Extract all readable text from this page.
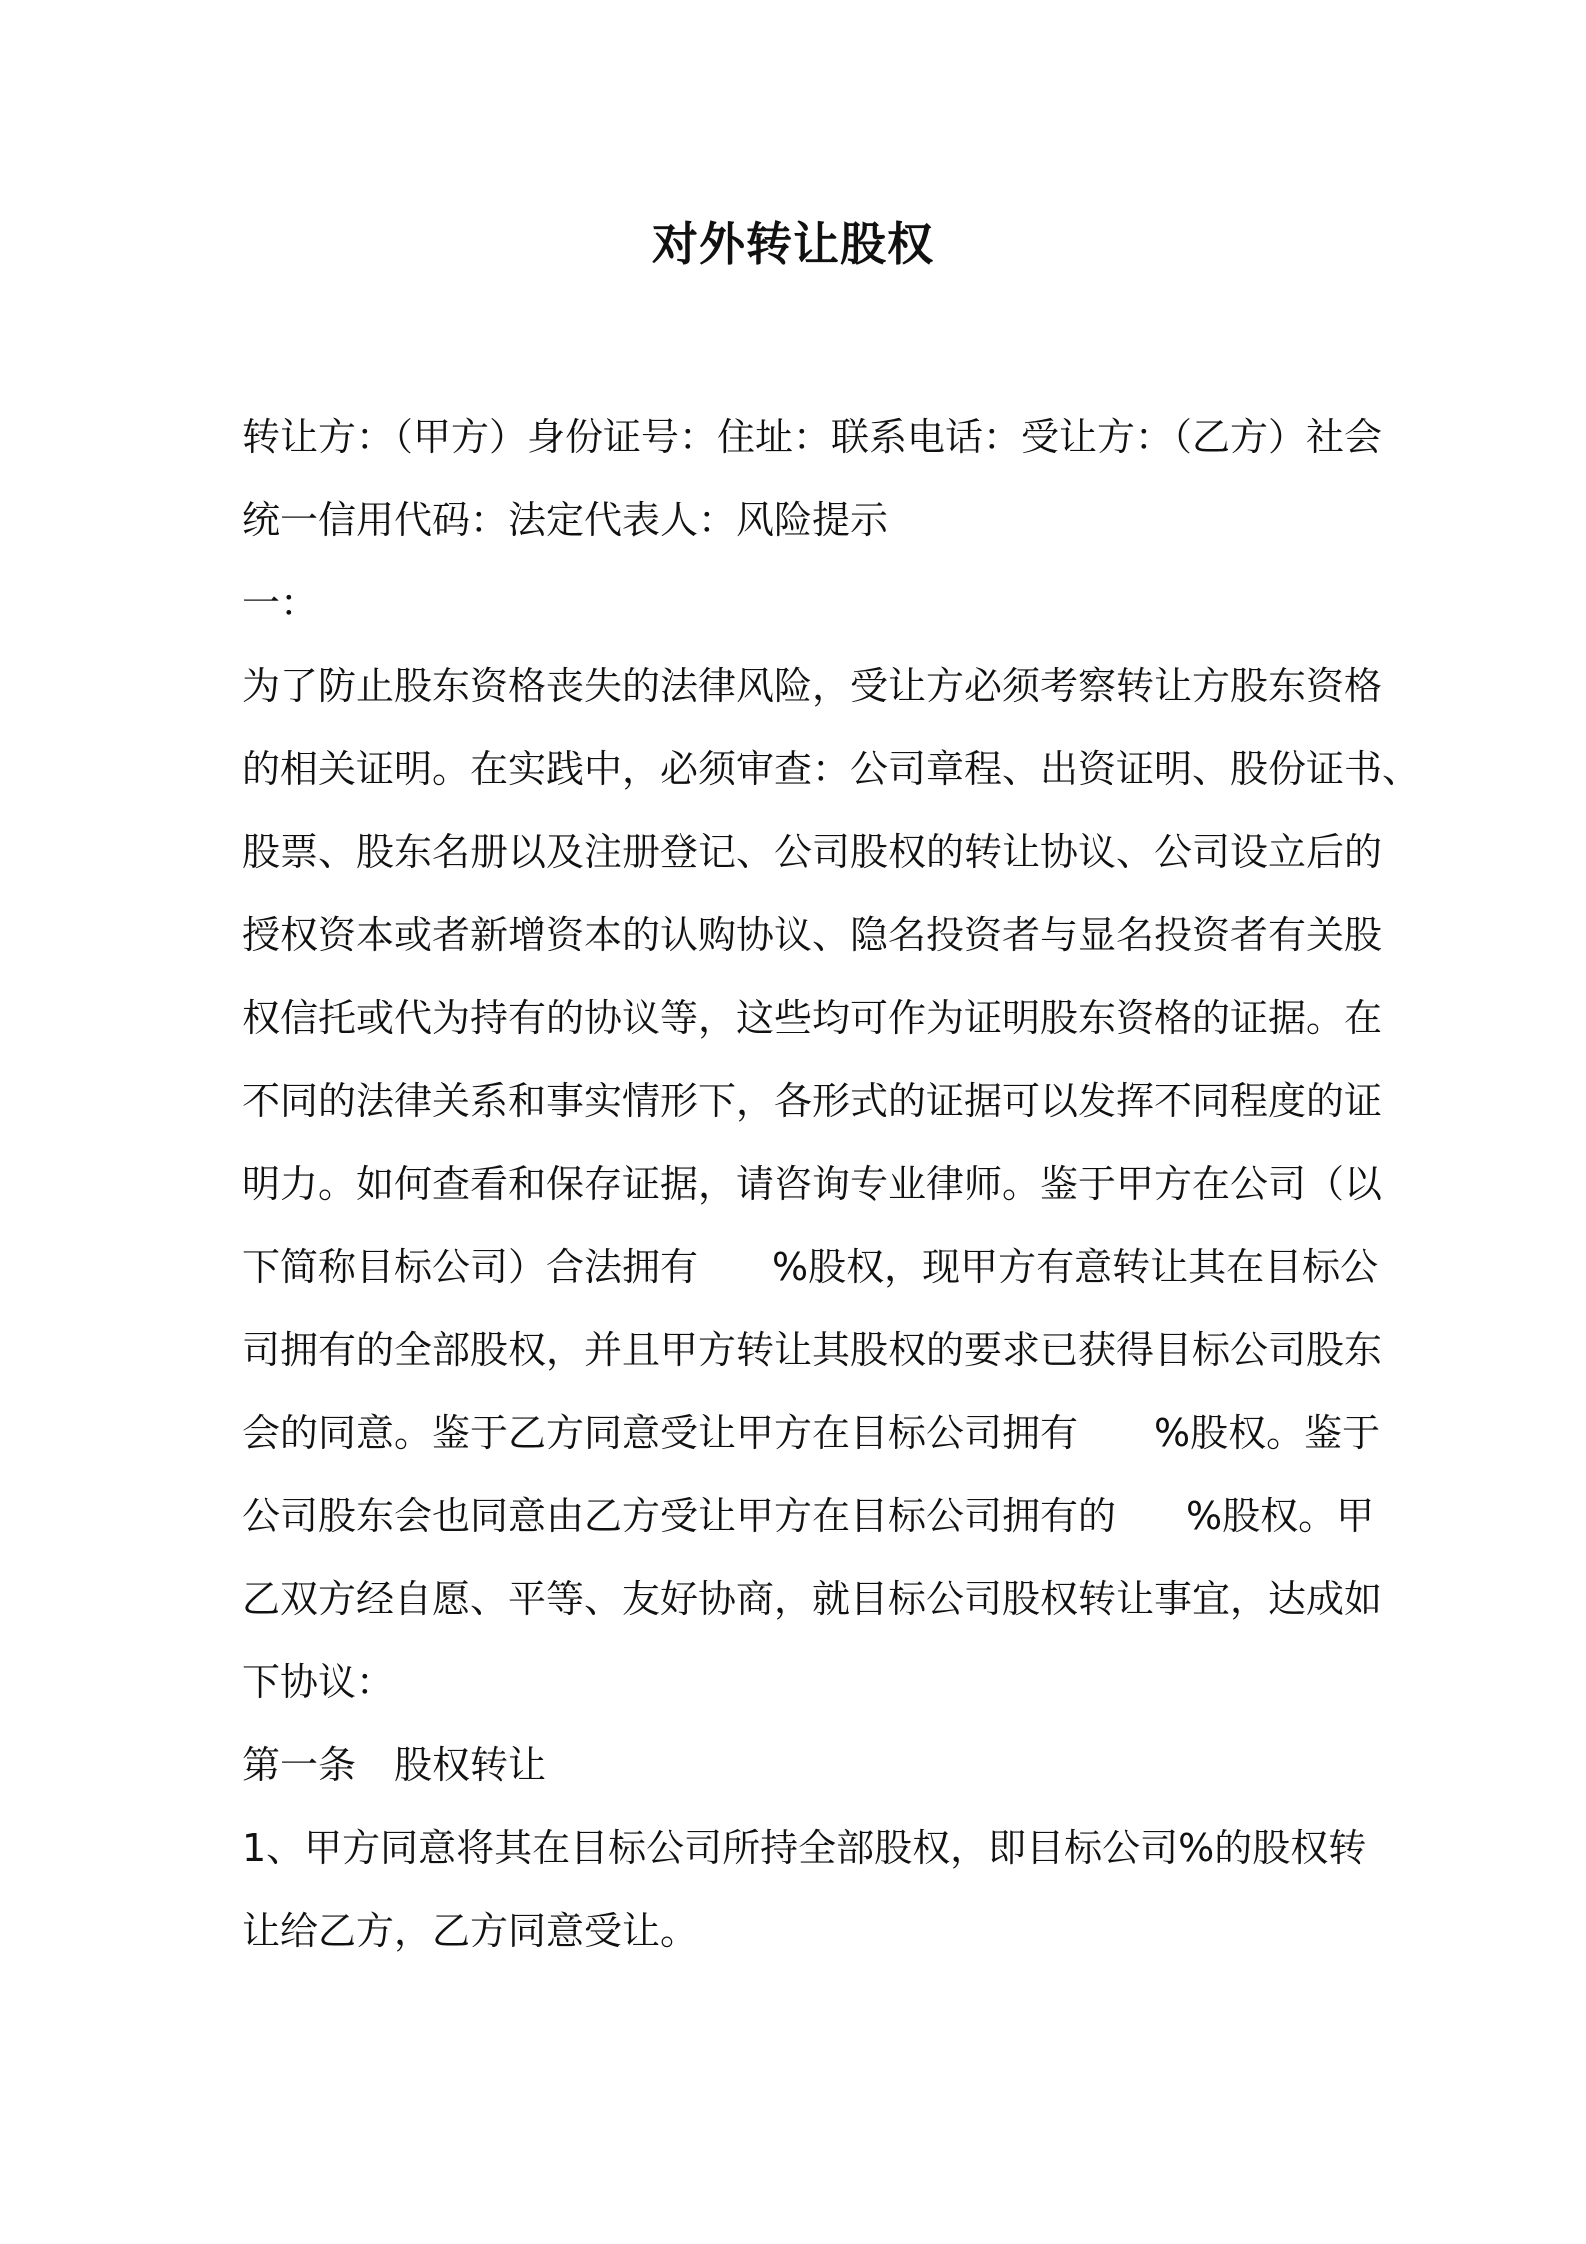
对外转让股权
转让方：（甲方）身份证号：住址：联系电话：受让方：（乙方）社会
统一信用代码：法定代表人：风险提示
一：
为了防止股东资格丧失的法律风险，受让方必须考察转让方股东资格
的相关证明。在实践中，必须审查：公司章程、出资证明、股份证书、
股票、股东名册以及注册登记、公司股权的转让协议、公司设立后的
授权资本或者新增资本的认购协议、隐名投资者与显名投资者有关股
权信托或代为持有的协议等，这些均可作为证明股东资格的证据。在
不同的法律关系和事实情形下，各形式的证据可以发挥不同程度的证
明力。如何查看和保存证据，请咨询专业律师。鉴于甲方在公司（以
下简称目标公司）合法拥有 %股权，现甲方有意转让其在目标公
司拥有的全部股权，并且甲方转让其股权的要求已获得目标公司股东
会的同意。鉴于乙方同意受让甲方在目标公司拥有 %股权。鉴于
公司股东会也同意由乙方受让甲方在目标公司拥有的 %股权。甲
乙双方经自愿、平等、友好协商，就目标公司股权转让事宜，达成如
下协议：
第一条 股权转让
1、甲方同意将其在目标公司所持全部股权，即目标公司%的股权转
让给乙方，乙方同意受让。
